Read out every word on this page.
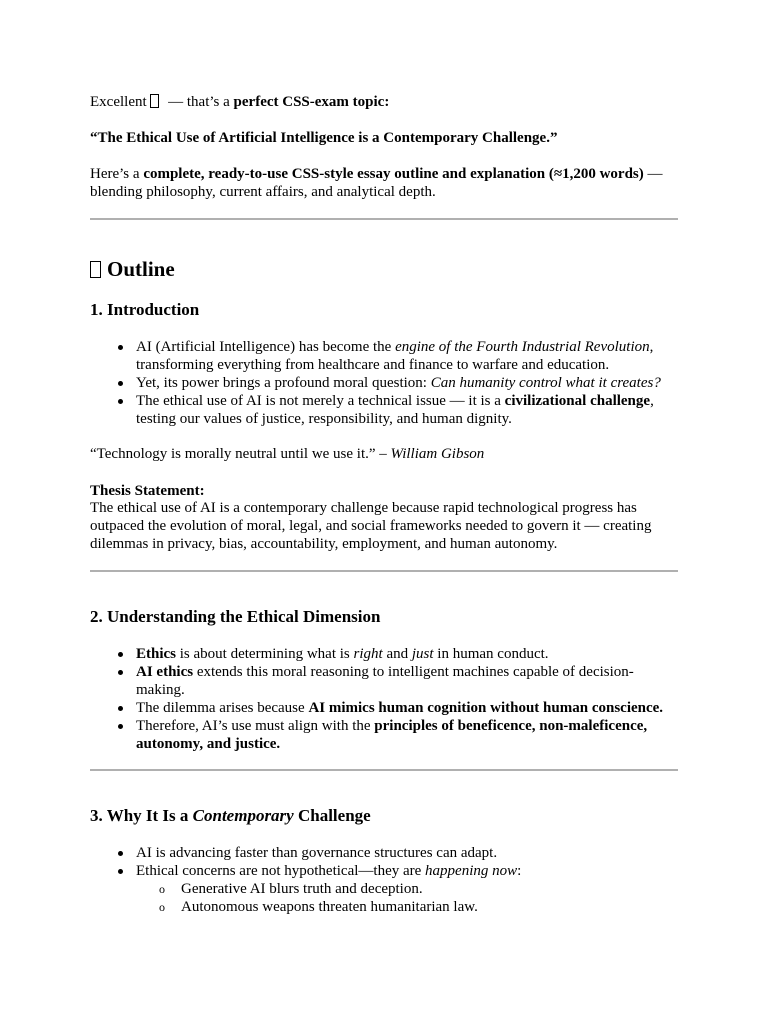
Excellent  — that’s a perfect CSS-exam topic:

“The Ethical Use of Artificial Intelligence is a Contemporary Challenge.”

Here’s a complete, ready-to-use CSS-style essay outline and explanation (≈1,200 words) — blending philosophy, current affairs, and analytical depth.

Outline
1. Introduction
AI (Artificial Intelligence) has become the engine of the Fourth Industrial Revolution, transforming everything from healthcare and finance to warfare and education.
Yet, its power brings a profound moral question: Can humanity control what it creates?
The ethical use of AI is not merely a technical issue — it is a civilizational challenge, testing our values of justice, responsibility, and human dignity.

“Technology is morally neutral until we use it.” – William Gibson

Thesis Statement:

The ethical use of AI is a contemporary challenge because rapid technological progress has outpaced the evolution of moral, legal, and social frameworks needed to govern it — creating dilemmas in privacy, bias, accountability, employment, and human autonomy.

2. Understanding the Ethical Dimension
Ethics is about determining what is right and just in human conduct.
AI ethics extends this moral reasoning to intelligent machines capable of decision-making.
The dilemma arises because AI mimics human cognition without human conscience.
Therefore, AI’s use must align with the principles of beneficence, non-maleficence, autonomy, and justice.
3. Why It Is a Contemporary Challenge
AI is advancing faster than governance structures can adapt.
Ethical concerns are not hypothetical—they are happening now:
o Generative AI blurs truth and deception.
o Autonomous weapons threaten humanitarian law.
